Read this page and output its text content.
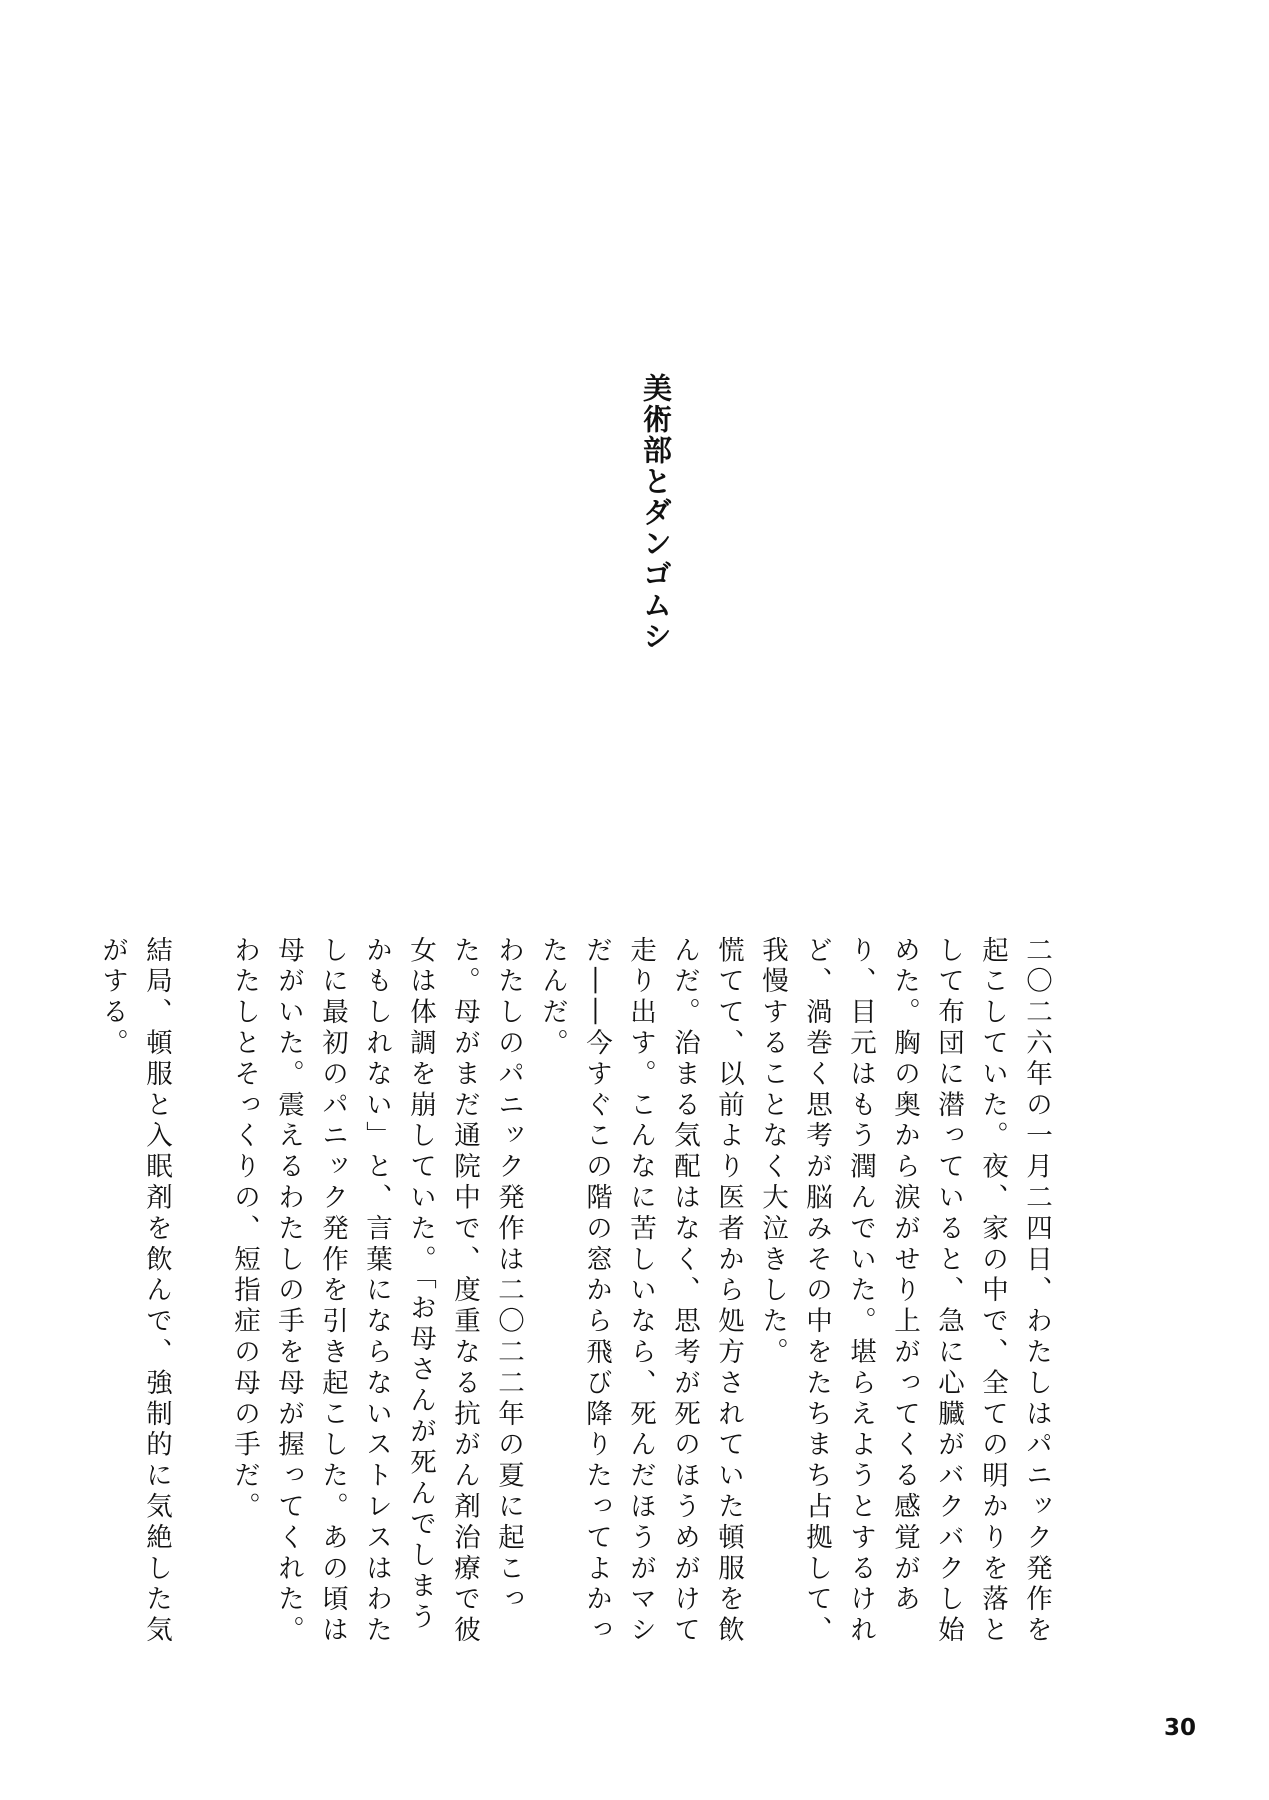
美術部とダンゴムシ

二〇二六年の一月二四日、わたしはパニック発作を起こしていた。夜、家の中で、全ての明かりを落として布団に潜っていると、急に心臓がバクバクし始めた。胸の奥から涙がせり上がってくる感覚があり、目元はもう潤んでいた。堪らえようとするけれど、渦巻く思考が脳みその中をたちまち占拠して、我慢することなく大泣きした。

慌てて、以前より医者から処方されていた頓服を飲んだ。治まる気配はなく、思考が死のほうめがけて走り出す。こんなに苦しいなら、死んだほうがマシだ――今すぐこの階の窓から飛び降りたってよかったんだ。

わたしのパニック発作は二〇二二年の夏に起こった。母がまだ通院中で、度重なる抗がん剤治療で彼女は体調を崩していた。「お母さんが死んでしまうかもしれない」と、言葉にならないストレスはわたしに最初のパニック発作を引き起こした。あの頃は母がいた。震えるわたしの手を母が握ってくれた。わたしとそっくりの、短指症の母の手だ。

結局、頓服と入眠剤を飲んで、強制的に気絶した気がする。

30
